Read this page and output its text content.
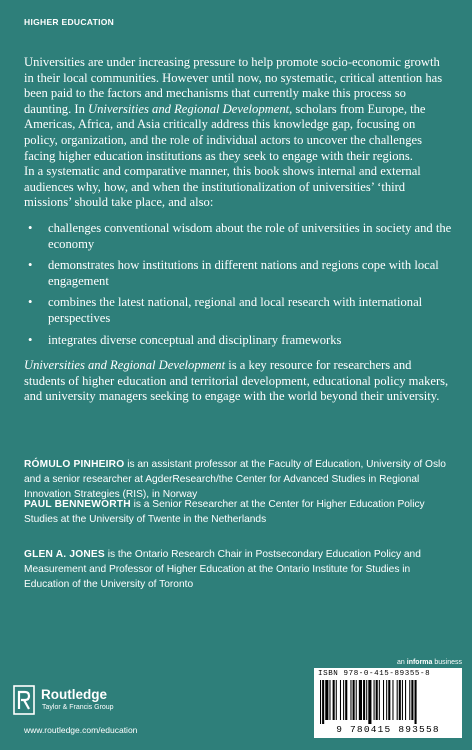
HIGHER EDUCATION

Universities are under increasing pressure to help promote socio-economic growth in their local communities. However until now, no systematic, critical attention has been paid to the factors and mechanisms that currently make this process so daunting. In Universities and Regional Development, scholars from Europe, the Americas, Africa, and Asia critically address this knowledge gap, focusing on policy, organization, and the role of individual actors to uncover the challenges facing higher education institutions as they seek to engage with their regions.

In a systematic and comparative manner, this book shows internal and external audiences why, how, and when the institutionalization of universities’ ‘third missions’ should take place, and also:

• challenges conventional wisdom about the role of universities in society and the economy
• demonstrates how institutions in different nations and regions cope with local engagement
• combines the latest national, regional and local research with international perspectives
• integrates diverse conceptual and disciplinary frameworks

Universities and Regional Development is a key resource for researchers and students of higher education and territorial development, educational policy makers, and university managers seeking to engage with the world beyond their university.

RÓMULO PINHEIRO is an assistant professor at the Faculty of Education, University of Oslo and a senior researcher at AgderResearch/the Center for Advanced Studies in Regional Innovation Strategies (RIS), in Norway
PAUL BENNEWORTH is a Senior Researcher at the Center for Higher Education Policy Studies at the University of Twente in the Netherlands
GLEN A. JONES is the Ontario Research Chair in Postsecondary Education Policy and Measurement and Professor of Higher Education at the Ontario Institute for Studies in Education of the University of Toronto
an informa business
Routledge
Taylor & Francis Group
www.routledge.com/education
ISBN 978-0-415-89355-8
9 780415 893558
